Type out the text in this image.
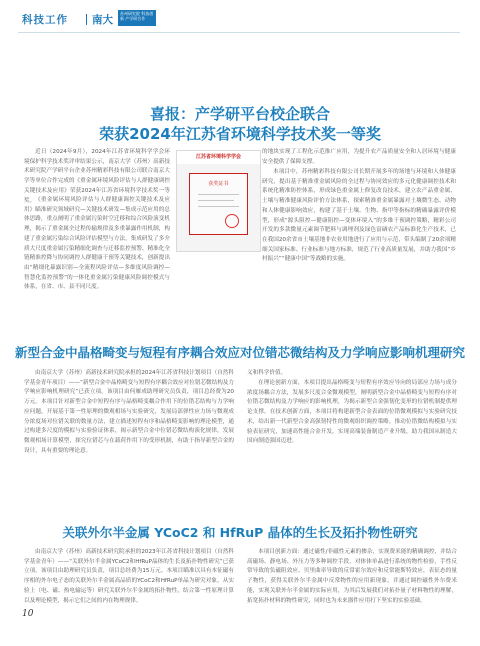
科技工作 南大
苏州研究院 科技创新 产学研合作
喜报：产学研平台校企联合
荣获2024年江苏省环境科学技术奖一等奖

近日（2024年9月），2024年江苏省环境科学学会环境保护科学技术奖评审结果公示，南京大学（苏州）高新技术研究院产学研平台企业苏州精彩科技有限公司联合南京大学等单位合作完成的《重金属环境风险评估与人群健康调控关键技术及应用》荣获2024年江苏省环境科学技术奖一等奖。 《重金属环境风险评估与人群健康调控关键技术及应用》瞄准研究领域研究—关键技术研发—集成示范应用的总体思路，重点阐明了重金属污染时空迁移和综合风险演变机理，揭示了重金属全过程传输规律及多重暴露作用机制，构建了重金属污染综合风险评估模型与方法，集成研发了多介质大尺度重金属污染精细化调查与迁移监控预警、精准化全链精准控降与协同调控人群健康干预等关键技术，创新提出由“精细化暴露识别—全流程风险评估—多维度风险调控—智慧化监控预警”的一体化重金属污染健康风险调控模式与体系，在省、市、县不同尺度。

江苏省环境科学学会
获奖证书

的地块实现了工程化示范推广应用，为提升农产品质量安全和人居环境与健康安全提供了保障支撑。

本项目中，苏州精彩科技有限公司长期开展多年的场地与环境和人体健康研究，提出基于精准重金属风险的全过程与协同效应的多元化健康调控技术和系统化精准防控体系，形成绿色重金属上修复改良技术，建立农产品重金属、土壤与精准健康风险评价方法体系，探索精准重金属暴露对土壤微生态、动物和人体健康影响效应，构建了基于土壤、生物、指甲等指标的精确暴露评价模型，形成“源头阻控—健康阻控—变体环境入”的多维干预调控策略，精彩公司开发的多款微量元素调节肥料与调理剂及绿色富硒农产品标准化生产技术，已在我国20余省市土壤基地非农业用地进行了应用与示范，带头编制了20余项精细关国家标准、行业标准与地方标准，规范了行业高质量发展，并助力我国“乡村振兴”“健康中国”等战略的实施。

新型合金中晶格畸变与短程有序耦合效应对位错芯微结构及力学响应影响机理研究

由南京大学（苏州）高新技术研究院承担的2024年江苏省科技计划项目（自然科学基金青年项目）——“新型合金中晶格畸变与短程有序耦合效应对位错芯微结构及力学响应影响机理研究”已获立项。该项目由何雁成助理研究员负责，项目总经费为20万元。本项目针对新型合金中短程有序与晶格畸变耦合作用下的位错芯结构与力学响应问题，开展基于第一性原理的微观相场与实验研究，发展局部弹性应力场与微观成分浓度场对位错关联的数量方法，建立描述短程有序和晶格畸变影响的理论模型，通过构建多尺度的模拟与实验验证体系，揭示新型合金中位错芯微结构演化规律，发展微观相场计算模型，探究位错芯与在载荷作用下的受形机制，有助于指导新型合金的设计，具有重要的理论意。

义和科学价值。

在理论创新方面，本项目提出晶格畸变与短程有序效应导向的局部应力场与成分浓度场耦合方法，发展多尺度合金微观模型，阐明新型合金中晶格畸变与短程有序对位错芯微结构及力学响应的影响机理，为揭示新型合金强韧化变形的位错机制提供理论支撑。在技术创新方面，本项目将构建新型合金表面的位错微观模拟与实验研究技术，给出新一代新型合金高强韧特性的微观组织调控策略，推动位错微结构模拟与实验表征研究，加速高性能合金开发，实现高端装备制造产业升级，助力我国从制造大国向制造强国迈进。

关联外尔半金属 YCoC2 和 HfRuP 晶体的生长及拓扑物性研究

由南京大学（苏州）高新技术研究院承担的2023年江苏省科技计划项目（自然科学基金青年）——“关联外尔半金属YCoC2和HfRuP晶体的生长及拓扑物性研究”已获立项。该项目由助理研究员负责，项目总经费为15万元。本项目瞄准以具有本征磁有序相的外尔电子态的关联外尔半金属高品质的YCoC2和HfRuP单晶为研究对象，从实验上（电、磁、热电输运等）研究关联外尔半金属的拓扑物性，结合第一性原理计算以及理论模型，揭示它们之间的内在物理规律。

本项目创新方面：通过磁性/非磁性元素的掺杂，实现费米能的精确调控，并结合高磁场、静电场、外压力等多种调控手段，对体体单晶进行系统的物性检验，手性反常导致的负磁阻效应、贝里曲率导致的反常霍尔效应和反常能斯特效应，表征态的量子物性，获得关联外尔半金属中反常物性的应用新现象，并通过调控磁性外尔费米能，实现关联外尔半金属的实际应用，为其后发展我们对拓扑量子材料物性的理解，拓宽拓扑材料的物性研究，同时也为未来器件应用打下坚实的实验基础。

10
